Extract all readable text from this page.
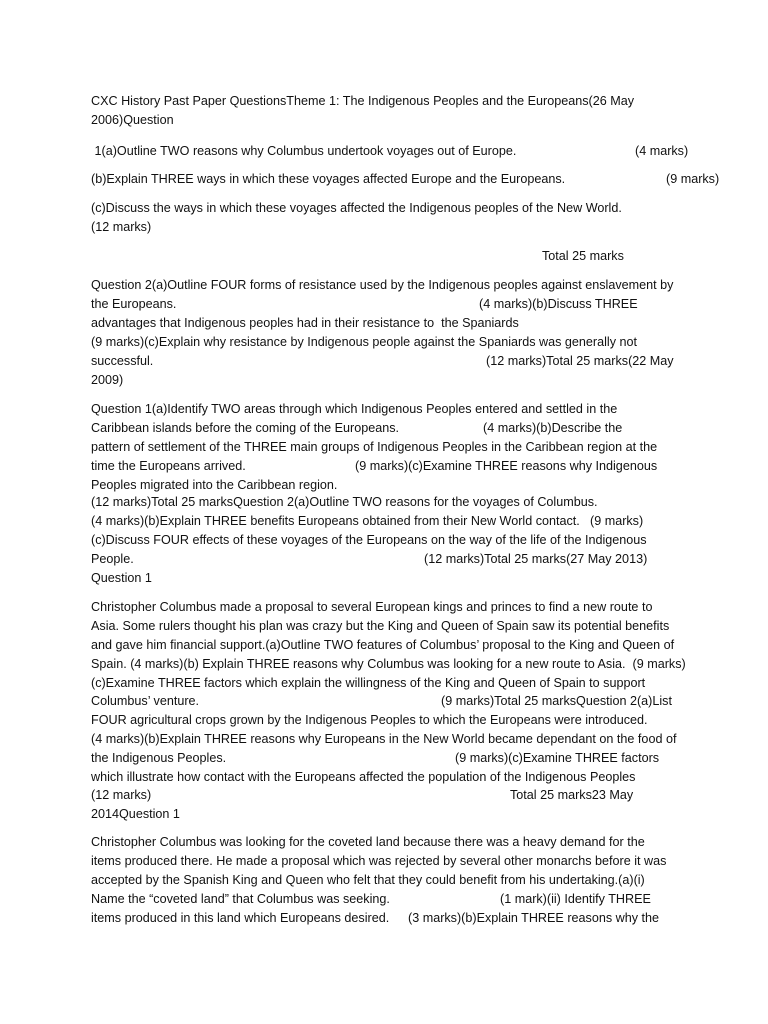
CXC History Past Paper QuestionsTheme 1: The Indigenous Peoples and the Europeans(26 May
2006)Question
1(a)Outline TWO reasons why Columbus undertook voyages out of Europe.	(4 marks)
(b)Explain THREE ways in which these voyages affected Europe and the Europeans.	(9 marks)
(c)Discuss the ways in which these voyages affected the Indigenous peoples of the New World.
(12 marks)
Total 25 marks
Question 2(a)Outline FOUR forms of resistance used by the Indigenous peoples against enslavement by
the Europeans.	(4 marks)(b)Discuss THREE
advantages that Indigenous peoples had in their resistance to  the Spaniards
(9 marks)(c)Explain why resistance by Indigenous people against the Spaniards was generally not
successful.	(12 marks)Total 25 marks(22 May
2009)
Question 1(a)Identify TWO areas through which Indigenous Peoples entered and settled in the
Caribbean islands before the coming of the Europeans.	(4 marks)(b)Describe the
pattern of settlement of the THREE main groups of Indigenous Peoples in the Caribbean region at the
time the Europeans arrived.	(9 marks)(c)Examine THREE reasons why Indigenous
Peoples migrated into the Caribbean region.
(12 marks)Total 25 marksQuestion 2(a)Outline TWO reasons for the voyages of Columbus.
(4 marks)(b)Explain THREE benefits Europeans obtained from their New World contact. (9 marks)
(c)Discuss FOUR effects of these voyages of the Europeans on the way of the life of the Indigenous
People.	(12 marks)Total 25 marks(27 May 2013)
Question 1
Christopher Columbus made a proposal to several European kings and princes to find a new route to
Asia. Some rulers thought his plan was crazy but the King and Queen of Spain saw its potential benefits
and gave him financial support.(a)Outline TWO features of Columbus’ proposal to the King and Queen of
Spain. (4 marks)(b) Explain THREE reasons why Columbus was looking for a new route to Asia.  (9 marks)
(c)Examine THREE factors which explain the willingness of the King and Queen of Spain to support
Columbus’ venture.	(9 marks)Total 25 marksQuestion 2(a)List
FOUR agricultural crops grown by the Indigenous Peoples to which the Europeans were introduced.
(4 marks)(b)Explain THREE reasons why Europeans in the New World became dependant on the food of
the Indigenous Peoples.	(9 marks)(c)Examine THREE factors
which illustrate how contact with the Europeans affected the population of the Indigenous Peoples
(12 marks)	Total 25 marks23 May
2014Question 1
Christopher Columbus was looking for the coveted land because there was a heavy demand for the
items produced there. He made a proposal which was rejected by several other monarchs before it was
accepted by the Spanish King and Queen who felt that they could benefit from his undertaking.(a)(i)
Name the “coveted land” that Columbus was seeking.	(1 mark)(ii) Identify THREE
items produced in this land which Europeans desired. (3 marks)(b)Explain THREE reasons why the
